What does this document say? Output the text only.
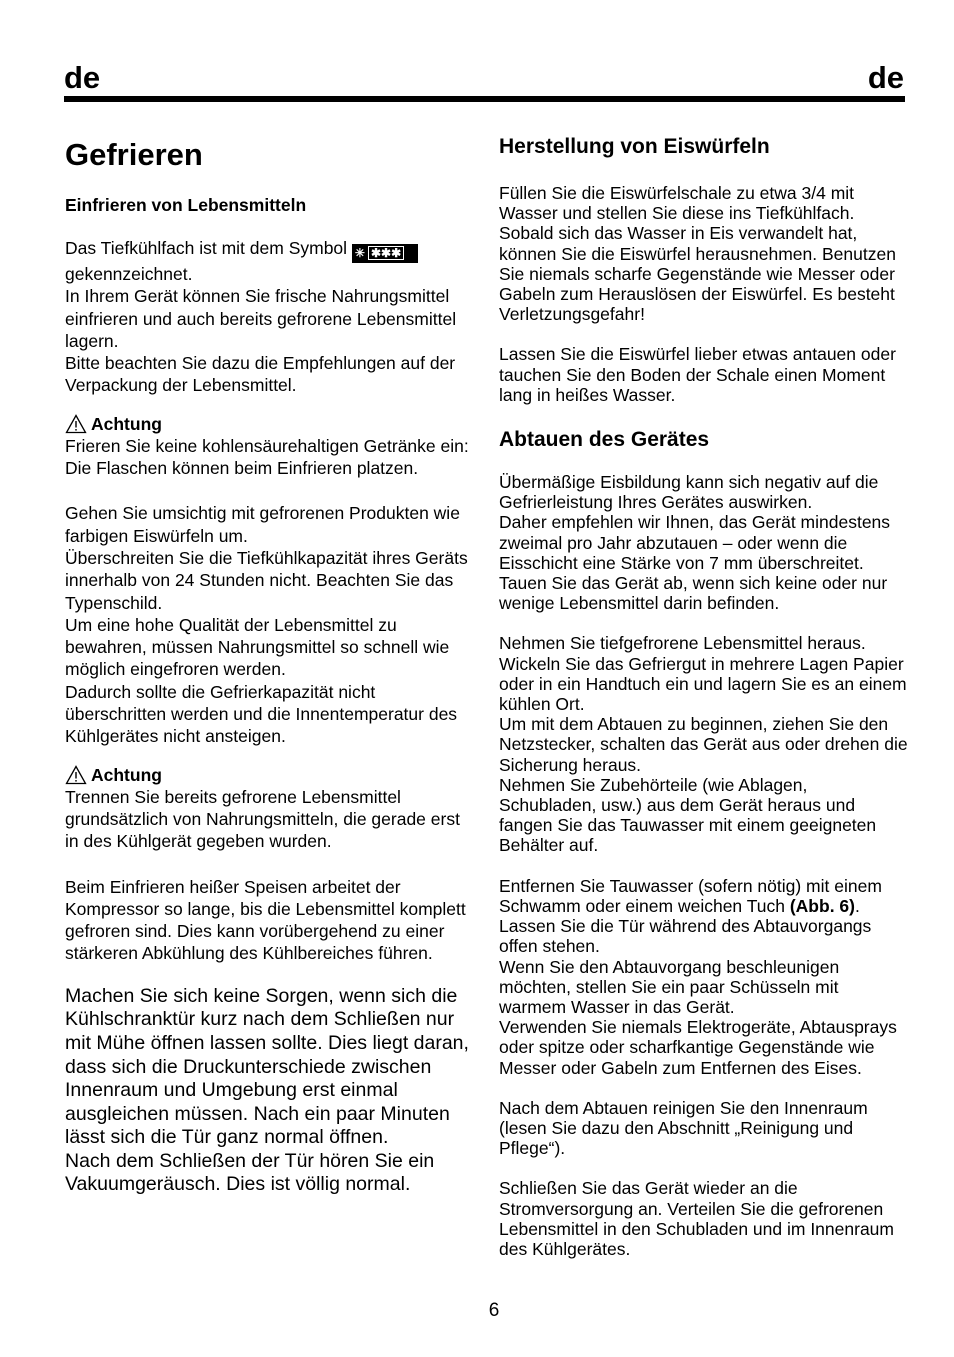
de	de
Gefrieren
Einfrieren von Lebensmitteln

Das Tiefkühlfach ist mit dem Symbol ✳ ✱✱✱
gekennzeichnet.
In Ihrem Gerät können Sie frische Nahrungsmittel einfrieren und auch bereits gefrorene Lebensmittel lagern.
Bitte beachten Sie dazu die Empfehlungen auf der Verpackung der Lebensmittel.

Achtung

Frieren Sie keine kohlensäurehaltigen Getränke ein: Die Flaschen können beim Einfrieren platzen.

Gehen Sie umsichtig mit gefrorenen Produkten wie farbigen Eiswürfeln um.
Überschreiten Sie die Tiefkühlkapazität ihres Geräts innerhalb von 24 Stunden nicht. Beachten Sie das Typenschild.
Um eine hohe Qualität der Lebensmittel zu bewahren, müssen Nahrungsmittel so schnell wie möglich eingefroren werden.
Dadurch sollte die Gefrierkapazität nicht überschritten werden und die Innentemperatur des Kühlgerätes nicht ansteigen.

Achtung

Trennen Sie bereits gefrorene Lebensmittel grundsätzlich von Nahrungsmitteln, die gerade erst in des Kühlgerät gegeben wurden.

Beim Einfrieren heißer Speisen arbeitet der Kompressor so lange, bis die Lebensmittel komplett gefroren sind. Dies kann vorübergehend zu einer stärkeren Abkühlung des Kühlbereiches führen.

Machen Sie sich keine Sorgen, wenn sich die Kühlschranktür kurz nach dem Schließen nur mit Mühe öffnen lassen sollte. Dies liegt daran, dass sich die Druckunterschiede zwischen Innenraum und Umgebung erst einmal ausgleichen müssen. Nach ein paar Minuten lässt sich die Tür ganz normal öffnen.
Nach dem Schließen der Tür hören Sie ein Vakuumgeräusch. Dies ist völlig normal.

Herstellung von Eiswürfeln

Füllen Sie die Eiswürfelschale zu etwa 3/4 mit Wasser und stellen Sie diese ins Tiefkühlfach. Sobald sich das Wasser in Eis verwandelt hat, können Sie die Eiswürfel herausnehmen. Benutzen Sie niemals scharfe Gegenstände wie Messer oder Gabeln zum Herauslösen der Eiswürfel. Es besteht Verletzungsgefahr!

Lassen Sie die Eiswürfel lieber etwas antauen oder tauchen Sie den Boden der Schale einen Moment lang in heißes Wasser.

Abtauen des Gerätes

Übermäßige Eisbildung kann sich negativ auf die Gefrierleistung Ihres Gerätes auswirken.
Daher empfehlen wir Ihnen, das Gerät mindestens zweimal pro Jahr abzutauen – oder wenn die Eisschicht eine Stärke von 7 mm überschreitet. Tauen Sie das Gerät ab, wenn sich keine oder nur wenige Lebensmittel darin befinden.

Nehmen Sie tiefgefrorene Lebensmittel heraus. Wickeln Sie das Gefriergut in mehrere Lagen Papier oder in ein Handtuch ein und lagern Sie es an einem kühlen Ort.
Um mit dem Abtauen zu beginnen, ziehen Sie den Netzstecker, schalten das Gerät aus oder drehen die Sicherung heraus.
Nehmen Sie Zubehörteile (wie Ablagen, Schubladen, usw.) aus dem Gerät heraus und fangen Sie das Tauwasser mit einem geeigneten Behälter auf.

Entfernen Sie Tauwasser (sofern nötig) mit einem Schwamm oder einem weichen Tuch (Abb. 6).
Lassen Sie die Tür während des Abtauvorgangs offen stehen.
Wenn Sie den Abtauvorgang beschleunigen möchten, stellen Sie ein paar Schüsseln mit warmem Wasser in das Gerät.
Verwenden Sie niemals Elektrogeräte, Abtausprays oder spitze oder scharfkantige Gegenstände wie Messer oder Gabeln zum Entfernen des Eises.

Nach dem Abtauen reinigen Sie den Innenraum (lesen Sie dazu den Abschnitt „Reinigung und Pflege“).

Schließen Sie das Gerät wieder an die Stromversorgung an. Verteilen Sie die gefrorenen Lebensmittel in den Schubladen und im Innenraum des Kühlgerätes.

6
